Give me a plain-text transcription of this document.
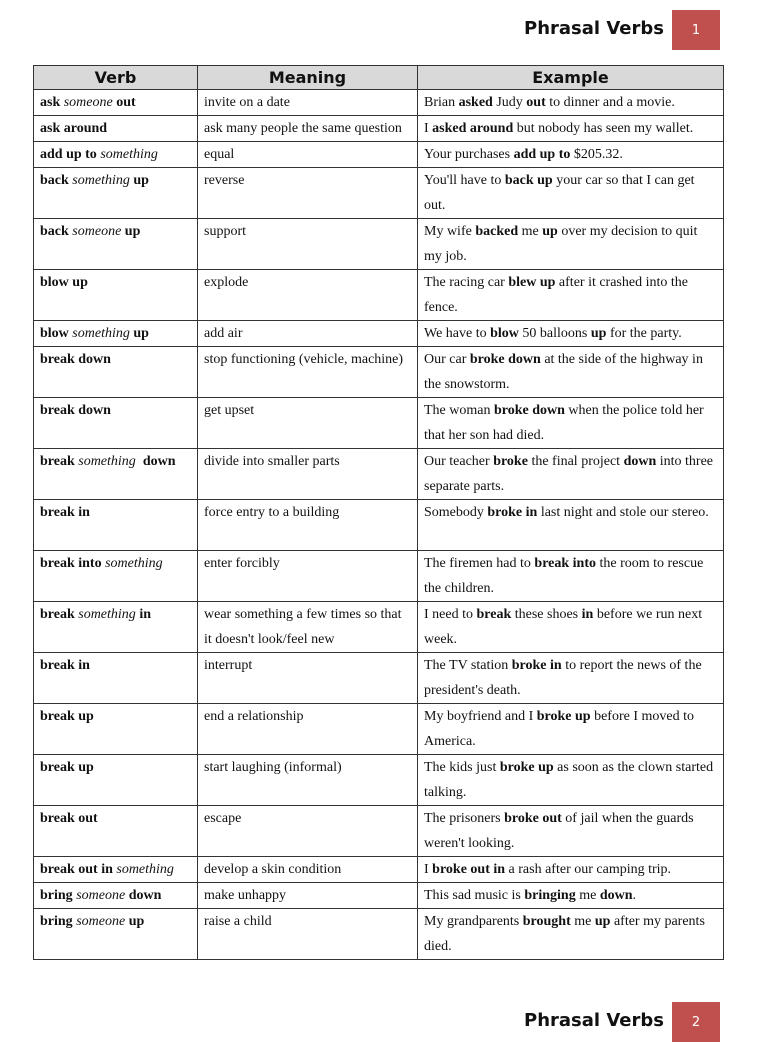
Phrasal Verbs	1
Verb	Meaning	Example
ask someone out	invite on a date	Brian asked Judy out to dinner and a movie.
ask around	ask many people the same question	I asked around but nobody has seen my wallet.
add up to something	equal	Your purchases add up to $205.32.
back something up	reverse	You'll have to back up your car so that I can get out.
back someone up	support	My wife backed me up over my decision to quit my job.
blow up	explode	The racing car blew up after it crashed into the fence.
blow something up	add air	We have to blow 50 balloons up for the party.
break down	stop functioning (vehicle, machine)	Our car broke down at the side of the highway in the snowstorm.
break down	get upset	The woman broke down when the police told her that her son had died.
break something  down	divide into smaller parts	Our teacher broke the final project down into three separate parts.
break in	force entry to a building	Somebody broke in last night and stole our stereo.
break into something	enter forcibly	The firemen had to break into the room to rescue the children.
break something in	wear something a few times so that it doesn't look/feel new	I need to break these shoes in before we run next week.
break in	interrupt	The TV station broke in to report the news of the president's death.
break up	end a relationship	My boyfriend and I broke up before I moved to America.
break up	start laughing (informal)	The kids just broke up as soon as the clown started talking.
break out	escape	The prisoners broke out of jail when the guards weren't looking.
break out in something	develop a skin condition	I broke out in a rash after our camping trip.
bring someone down	make unhappy	This sad music is bringing me down.
bring someone up	raise a child	My grandparents brought me up after my parents died.
Phrasal Verbs	2
